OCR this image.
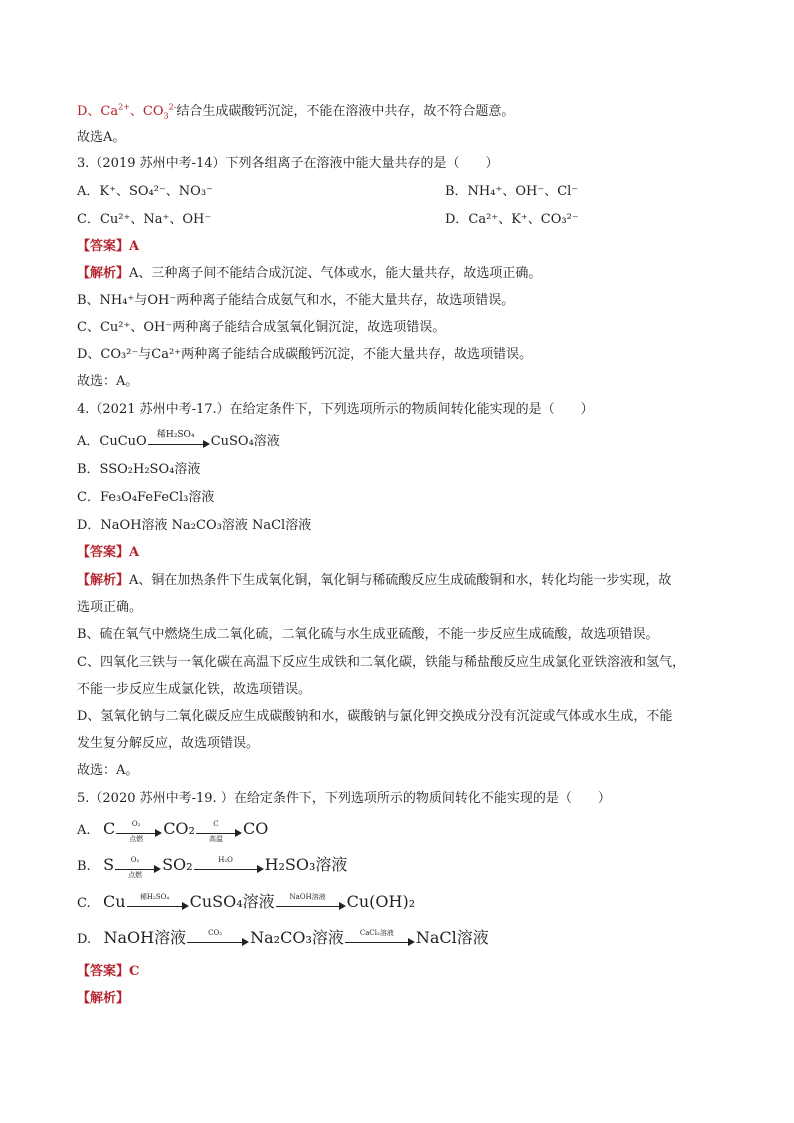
D、$Ca^{2+}$、$CO_3^{2-}$结合生成碳酸钙沉淀，不能在溶液中共存，故不符合题意。
故选A。
3.（2019 苏州中考-14）下列各组离子在溶液中能大量共存的是（　　）
A．K⁺、SO₄²⁻、NO₃⁻	B．NH₄⁺、OH⁻、Cl⁻
C．Cu²⁺、Na⁺、OH⁻	D．Ca²⁺、K⁺、CO₃²⁻
【答案】A
【解析】A、三种离子间不能结合成沉淀、气体或水，能大量共存，故选项正确。
B、NH₄⁺与OH⁻两种离子能结合成氨气和水，不能大量共存，故选项错误。
C、Cu²⁺、OH⁻两种离子能结合成氢氧化铜沉淀，故选项错误。
D、CO₃²⁻与Ca²⁺两种离子能结合成碳酸钙沉淀，不能大量共存，故选项错误。
故选：A。
4.（2021 苏州中考-17.）在给定条件下，下列选项所示的物质间转化能实现的是（　　）
A．CuCuO	稀H₂SO₄	CuSO₄溶液
B．SSO₂H₂SO₄溶液
C．Fe₃O₄FeFeCl₃溶液
D．NaOH溶液 Na₂CO₃溶液 NaCl溶液
【答案】A
【解析】A、铜在加热条件下生成氧化铜，氧化铜与稀硫酸反应生成硫酸铜和水，转化均能一步实现，故
选项正确。
B、硫在氧气中燃烧生成二氧化硫，二氧化硫与水生成亚硫酸，不能一步反应生成硫酸，故选项错误。
C、四氧化三铁与一氧化碳在高温下反应生成铁和二氧化碳，铁能与稀盐酸反应生成氯化亚铁溶液和氢气，
不能一步反应生成氯化铁，故选项错误。
D、氢氧化钠与二氧化碳反应生成碳酸钠和水，碳酸钠与氯化钾交换成分没有沉淀或气体或水生成，不能
发生复分解反应，故选项错误。
故选：A。
5.（2020 苏州中考-19. ）在给定条件下，下列选项所示的物质间转化不能实现的是（　　）
A. C	O₂
点燃
CO₂	C
高温
CO
B. S	O₂
点燃
SO₂	H₂O	H₂SO₃溶液
C. Cu	稀H₂SO₄	CuSO₄溶液	NaOH溶液	Cu(OH)₂
D. NaOH溶液	CO₂	Na₂CO₃溶液	CaCl₂溶液	NaCl溶液
【答案】C
【解析】
